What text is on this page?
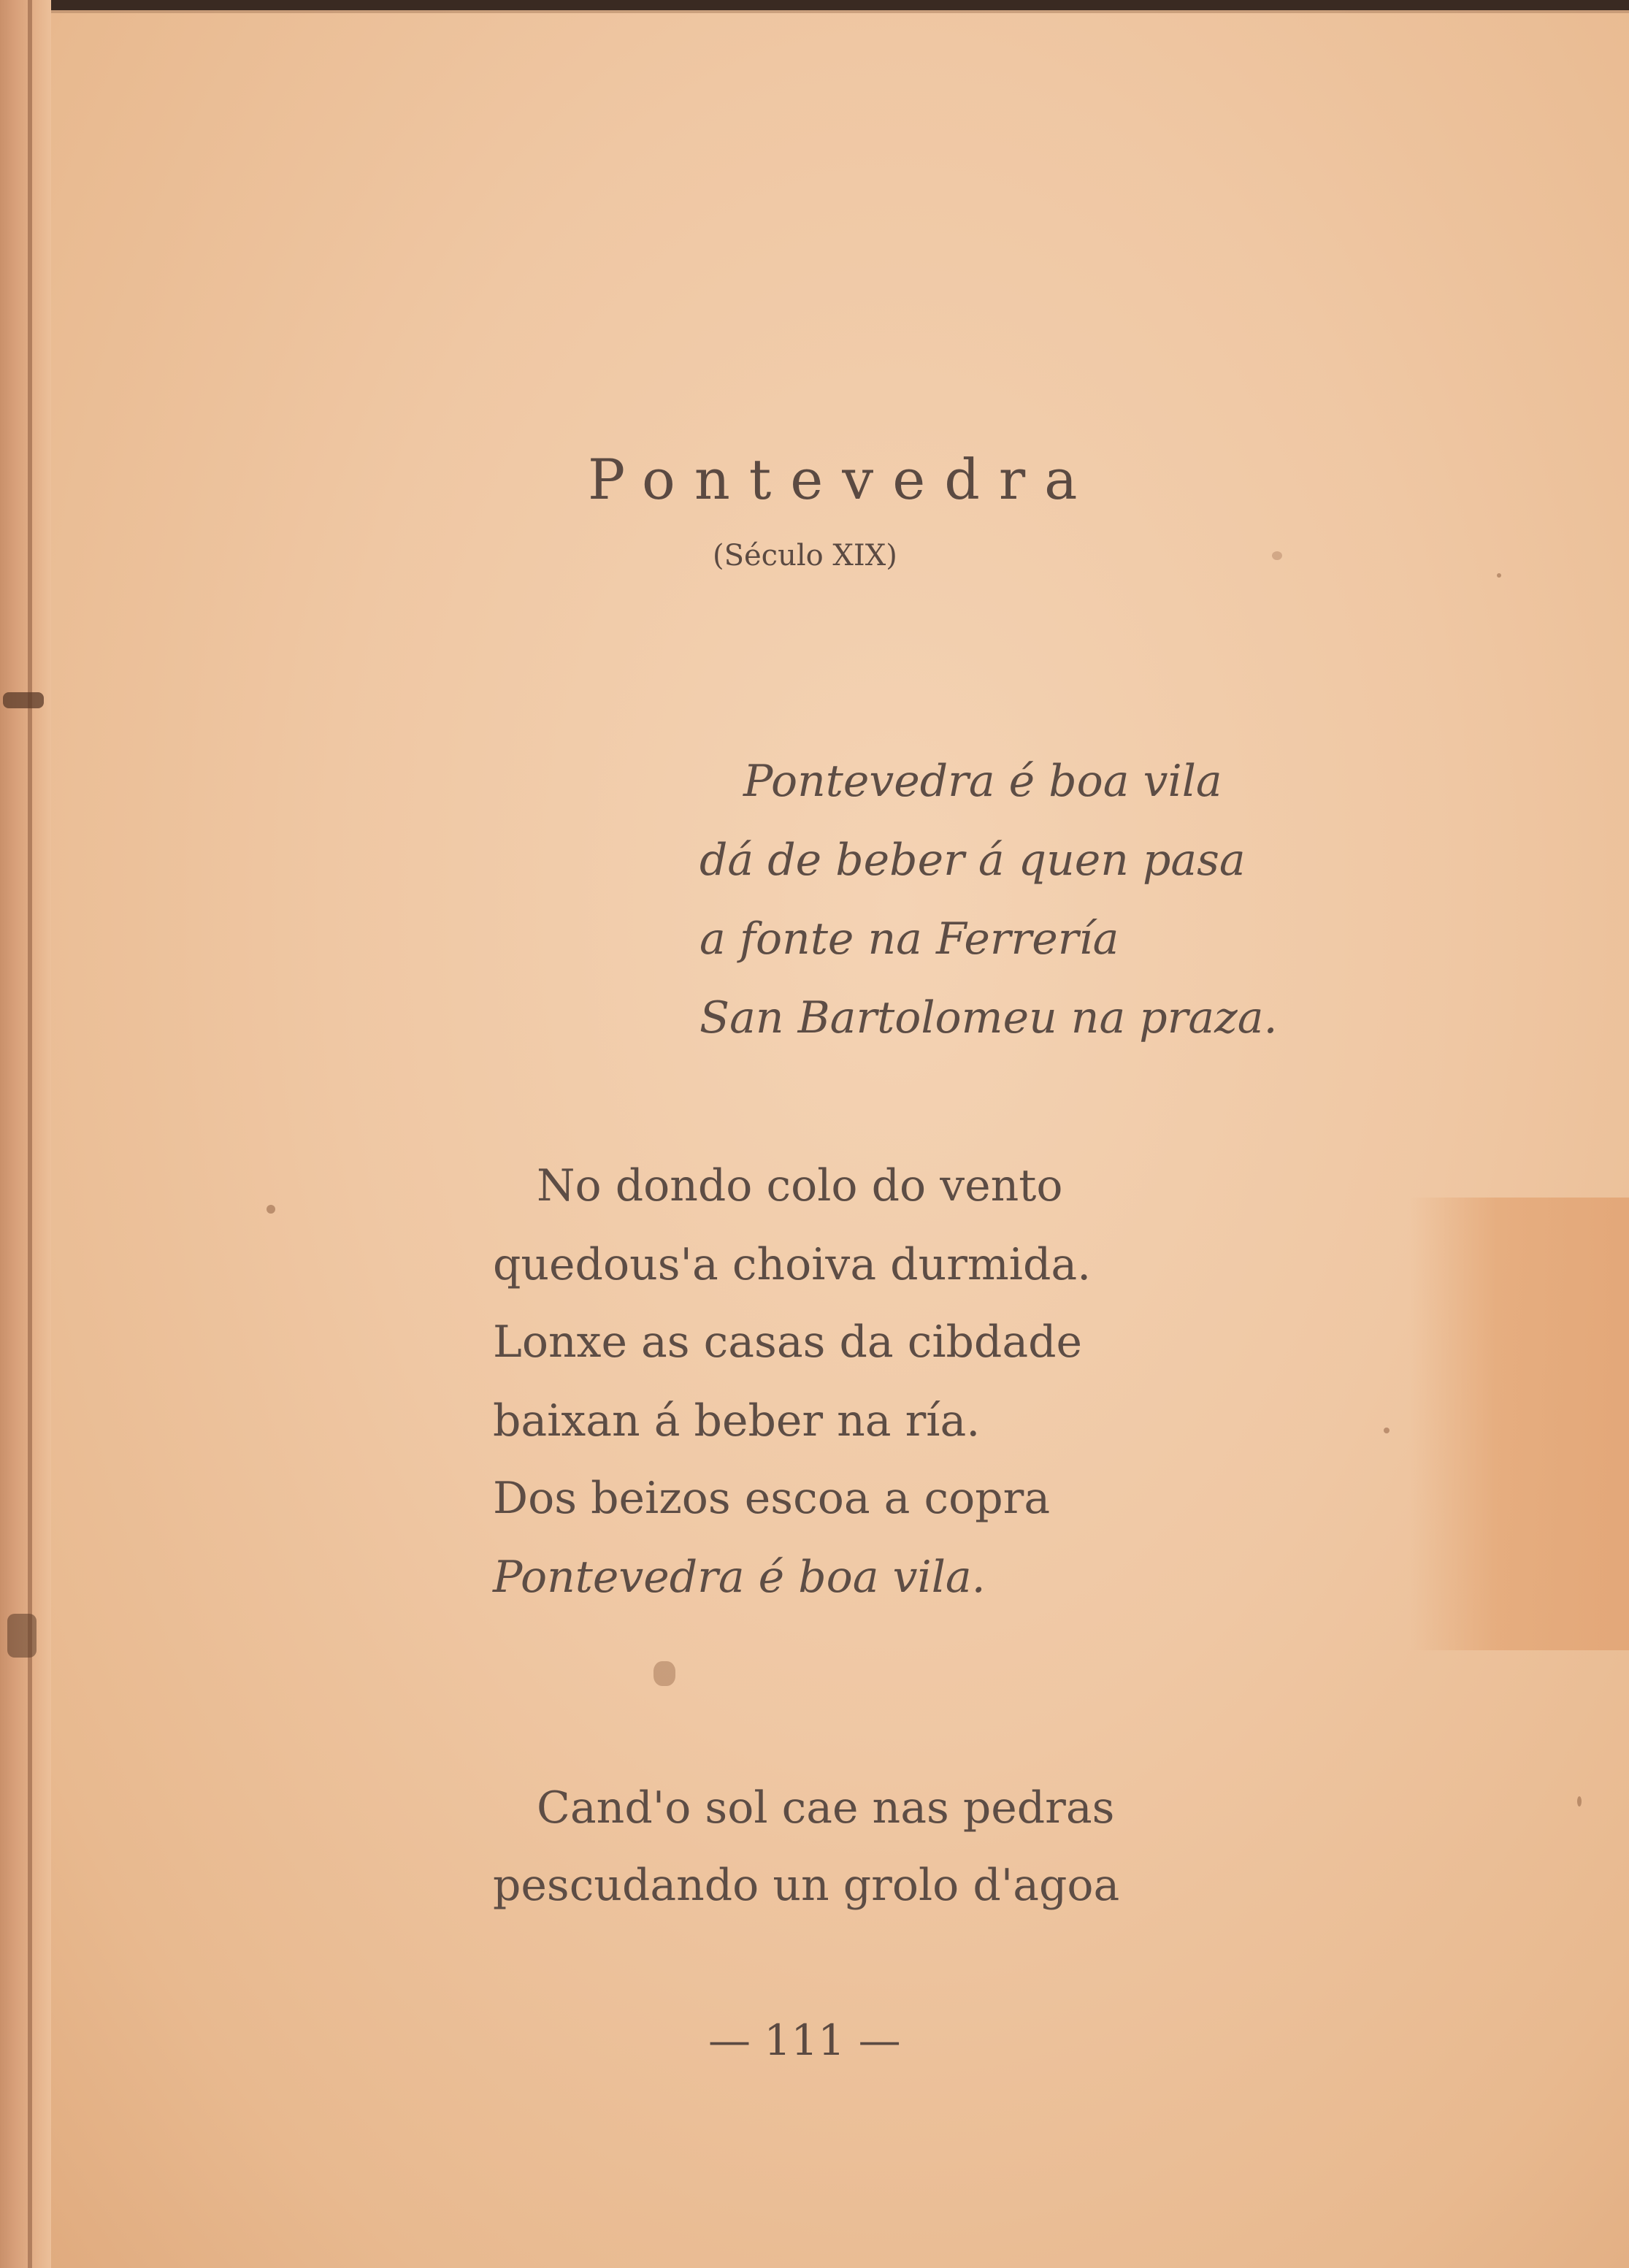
Pontevedra
(Século XIX)
Pontevedra é boa vila
dá de beber á quen pasa
a fonte na Ferrería
San Bartolomeu na praza.
No dondo colo do vento
quedous'a choiva durmida.
Lonxe as casas da cibdade
baixan á beber na ría.
Dos beizos escoa a copra
Pontevedra é boa vila.
Cand'o sol cae nas pedras
pescudando un grolo d'agoa
— 111 —
